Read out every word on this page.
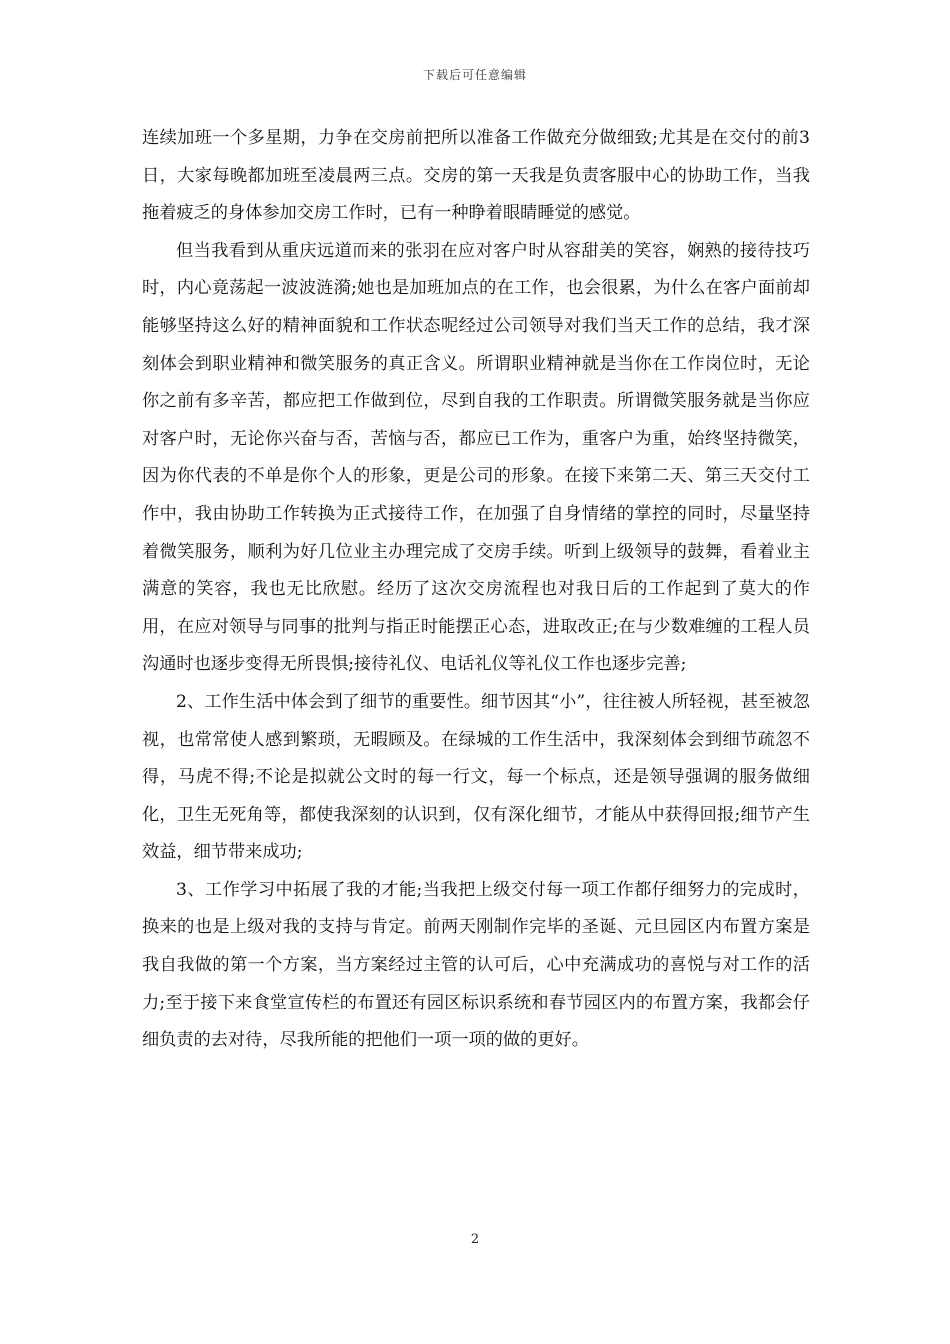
下载后可任意编辑

连续加班一个多星期，力争在交房前把所以准备工作做充分做细致;尤其是在交付的前3日，大家每晚都加班至凌晨两三点。交房的第一天我是负责客服中心的协助工作，当我拖着疲乏的身体参加交房工作时，已有一种睁着眼睛睡觉的感觉。

但当我看到从重庆远道而来的张羽在应对客户时从容甜美的笑容，娴熟的接待技巧时，内心竟荡起一波波涟漪;她也是加班加点的在工作，也会很累，为什么在客户面前却能够坚持这么好的精神面貌和工作状态呢经过公司领导对我们当天工作的总结，我才深刻体会到职业精神和微笑服务的真正含义。所谓职业精神就是当你在工作岗位时，无论你之前有多辛苦，都应把工作做到位，尽到自我的工作职责。所谓微笑服务就是当你应对客户时，无论你兴奋与否，苦恼与否，都应已工作为，重客户为重，始终坚持微笑，因为你代表的不单是你个人的形象，更是公司的形象。在接下来第二天、第三天交付工作中，我由协助工作转换为正式接待工作，在加强了自身情绪的掌控的同时，尽量坚持着微笑服务，顺利为好几位业主办理完成了交房手续。听到上级领导的鼓舞，看着业主满意的笑容，我也无比欣慰。经历了这次交房流程也对我日后的工作起到了莫大的作用，在应对领导与同事的批判与指正时能摆正心态，进取改正;在与少数难缠的工程人员沟通时也逐步变得无所畏惧;接待礼仪、电话礼仪等礼仪工作也逐步完善;

2、工作生活中体会到了细节的重要性。细节因其“小”，往往被人所轻视，甚至被忽视，也常常使人感到繁琐，无暇顾及。在绿城的工作生活中，我深刻体会到细节疏忽不得，马虎不得;不论是拟就公文时的每一行文，每一个标点，还是领导强调的服务做细化，卫生无死角等，都使我深刻的认识到，仅有深化细节，才能从中获得回报;细节产生效益，细节带来成功;

3、工作学习中拓展了我的才能;当我把上级交付每一项工作都仔细努力的完成时，换来的也是上级对我的支持与肯定。前两天刚制作完毕的圣诞、元旦园区内布置方案是我自我做的第一个方案，当方案经过主管的认可后，心中充满成功的喜悦与对工作的活力;至于接下来食堂宣传栏的布置还有园区标识系统和春节园区内的布置方案，我都会仔细负责的去对待，尽我所能的把他们一项一项的做的更好。

2
